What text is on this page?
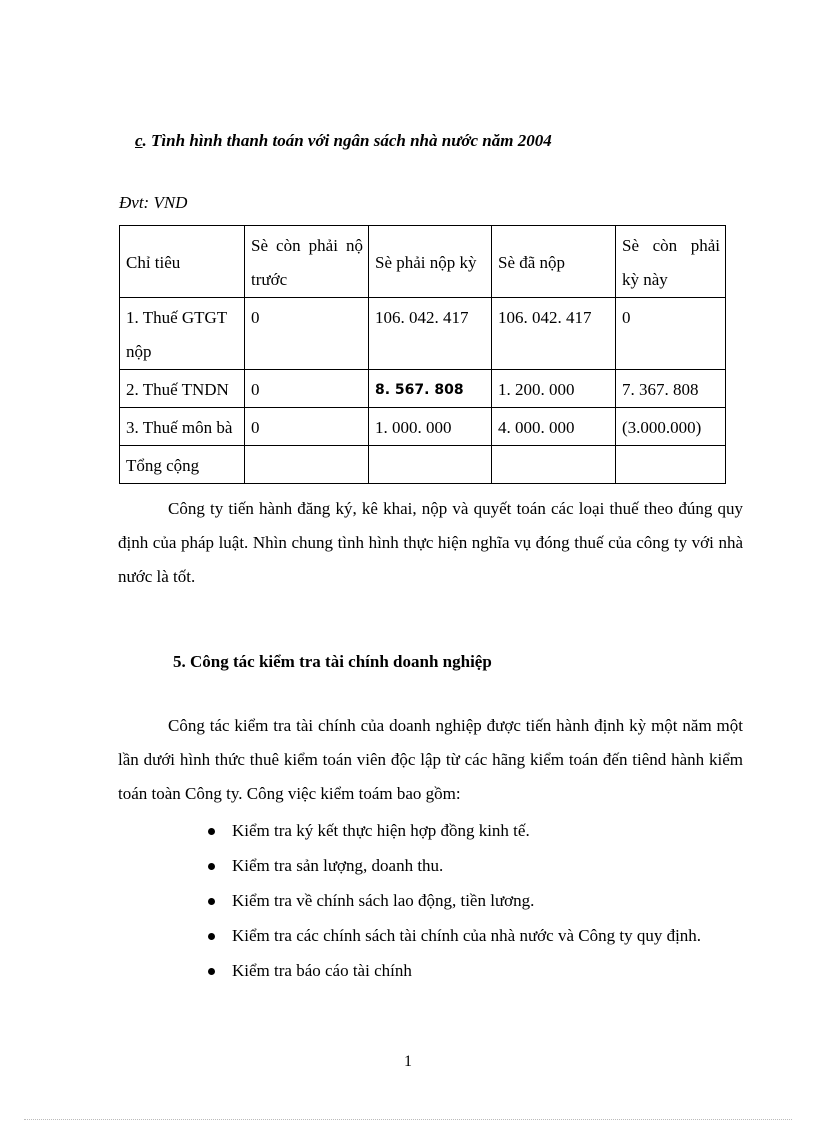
c. Tình hình thanh toán với ngân sách nhà nước năm 2004
Đvt: VND
Chỉ tiêu	Sè còn phải nộ trước	Sè phải nộp kỳ	Sè đã nộp	Sè còn phải kỳ này
1. Thuế GTGT nộp	0	106. 042. 417	106. 042. 417	0
2. Thuế TNDN	0	8. 567. 808	1. 200. 000	7. 367. 808
3. Thuế môn bà	0	1. 000. 000	4. 000. 000	(3.000.000)
Tổng cộng				
Công ty tiến hành đăng ký, kê khai, nộp và quyết toán các loại thuế theo đúng quy định của pháp luật. Nhìn chung tình hình thực hiện nghĩa vụ đóng thuế của công ty với nhà nước là tốt.
5. Công tác kiểm tra tài chính doanh nghiệp
Công tác kiểm tra tài chính của doanh nghiệp được tiến hành định kỳ một năm một lần dưới hình thức thuê kiểm toán viên độc lập từ các hãng kiểm toán đến tiênd hành kiểm toán toàn Công ty. Công việc kiểm toám bao gồm:
Kiểm tra ký kết thực hiện hợp đồng kinh tế.
Kiểm tra sản lượng, doanh thu.
Kiểm tra về chính sách lao động, tiền lương.
Kiểm tra các chính sách tài chính của nhà nước và Công ty quy định.
Kiểm tra báo cáo tài chính
1
